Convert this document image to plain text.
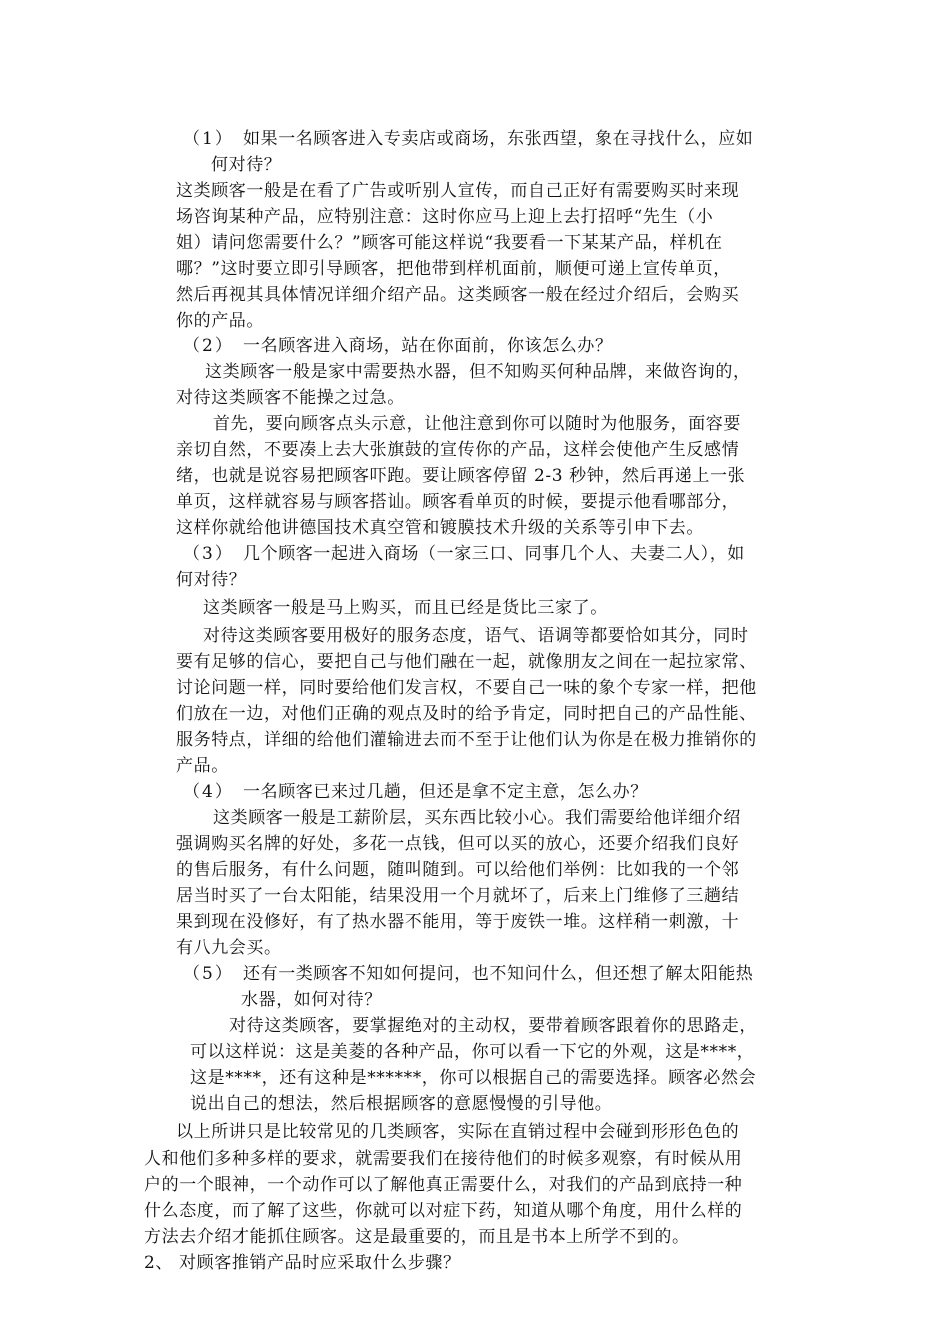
（1） 如果一名顾客进入专卖店或商场，东张西望，象在寻找什么，应如
何对待？
这类顾客一般是在看了广告或听别人宣传，而自己正好有需要购买时来现
场咨询某种产品，应特别注意：这时你应马上迎上去打招呼“先生（小
姐）请问您需要什么？”顾客可能这样说“我要看一下某某产品，样机在
哪？”这时要立即引导顾客，把他带到样机面前，顺便可递上宣传单页，
然后再视其具体情况详细介绍产品。这类顾客一般在经过介绍后，会购买
你的产品。
（2） 一名顾客进入商场，站在你面前，你该怎么办？
这类顾客一般是家中需要热水器，但不知购买何种品牌，来做咨询的，
对待这类顾客不能操之过急。
首先，要向顾客点头示意，让他注意到你可以随时为他服务，面容要
亲切自然，不要凑上去大张旗鼓的宣传你的产品，这样会使他产生反感情
绪，也就是说容易把顾客吓跑。要让顾客停留 2-3 秒钟，然后再递上一张
单页，这样就容易与顾客搭讪。顾客看单页的时候，要提示他看哪部分，
这样你就给他讲德国技术真空管和镀膜技术升级的关系等引申下去。
（3） 几个顾客一起进入商场（一家三口、同事几个人、夫妻二人），如
何对待？
这类顾客一般是马上购买，而且已经是货比三家了。
对待这类顾客要用极好的服务态度，语气、语调等都要恰如其分，同时
要有足够的信心，要把自己与他们融在一起，就像朋友之间在一起拉家常、
讨论问题一样，同时要给他们发言权，不要自己一味的象个专家一样，把他
们放在一边，对他们正确的观点及时的给予肯定，同时把自己的产品性能、
服务特点，详细的给他们灌输进去而不至于让他们认为你是在极力推销你的
产品。
（4） 一名顾客已来过几趟，但还是拿不定主意，怎么办？
这类顾客一般是工薪阶层，买东西比较小心。我们需要给他详细介绍
强调购买名牌的好处，多花一点钱，但可以买的放心，还要介绍我们良好
的售后服务，有什么问题，随叫随到。可以给他们举例：比如我的一个邻
居当时买了一台太阳能，结果没用一个月就坏了，后来上门维修了三趟结
果到现在没修好，有了热水器不能用，等于废铁一堆。这样稍一刺激，十
有八九会买。
（5） 还有一类顾客不知如何提问，也不知问什么，但还想了解太阳能热
水器，如何对待？
对待这类顾客，要掌握绝对的主动权，要带着顾客跟着你的思路走，
可以这样说：这是美菱的各种产品，你可以看一下它的外观，这是****，
这是****，还有这种是******，你可以根据自己的需要选择。顾客必然会
说出自己的想法，然后根据顾客的意愿慢慢的引导他。
以上所讲只是比较常见的几类顾客，实际在直销过程中会碰到形形色色的
人和他们多种多样的要求，就需要我们在接待他们的时候多观察，有时候从用
户的一个眼神，一个动作可以了解他真正需要什么，对我们的产品到底持一种
什么态度，而了解了这些，你就可以对症下药，知道从哪个角度，用什么样的
方法去介绍才能抓住顾客。这是最重要的，而且是书本上所学不到的。
2、 对顾客推销产品时应采取什么步骤？
